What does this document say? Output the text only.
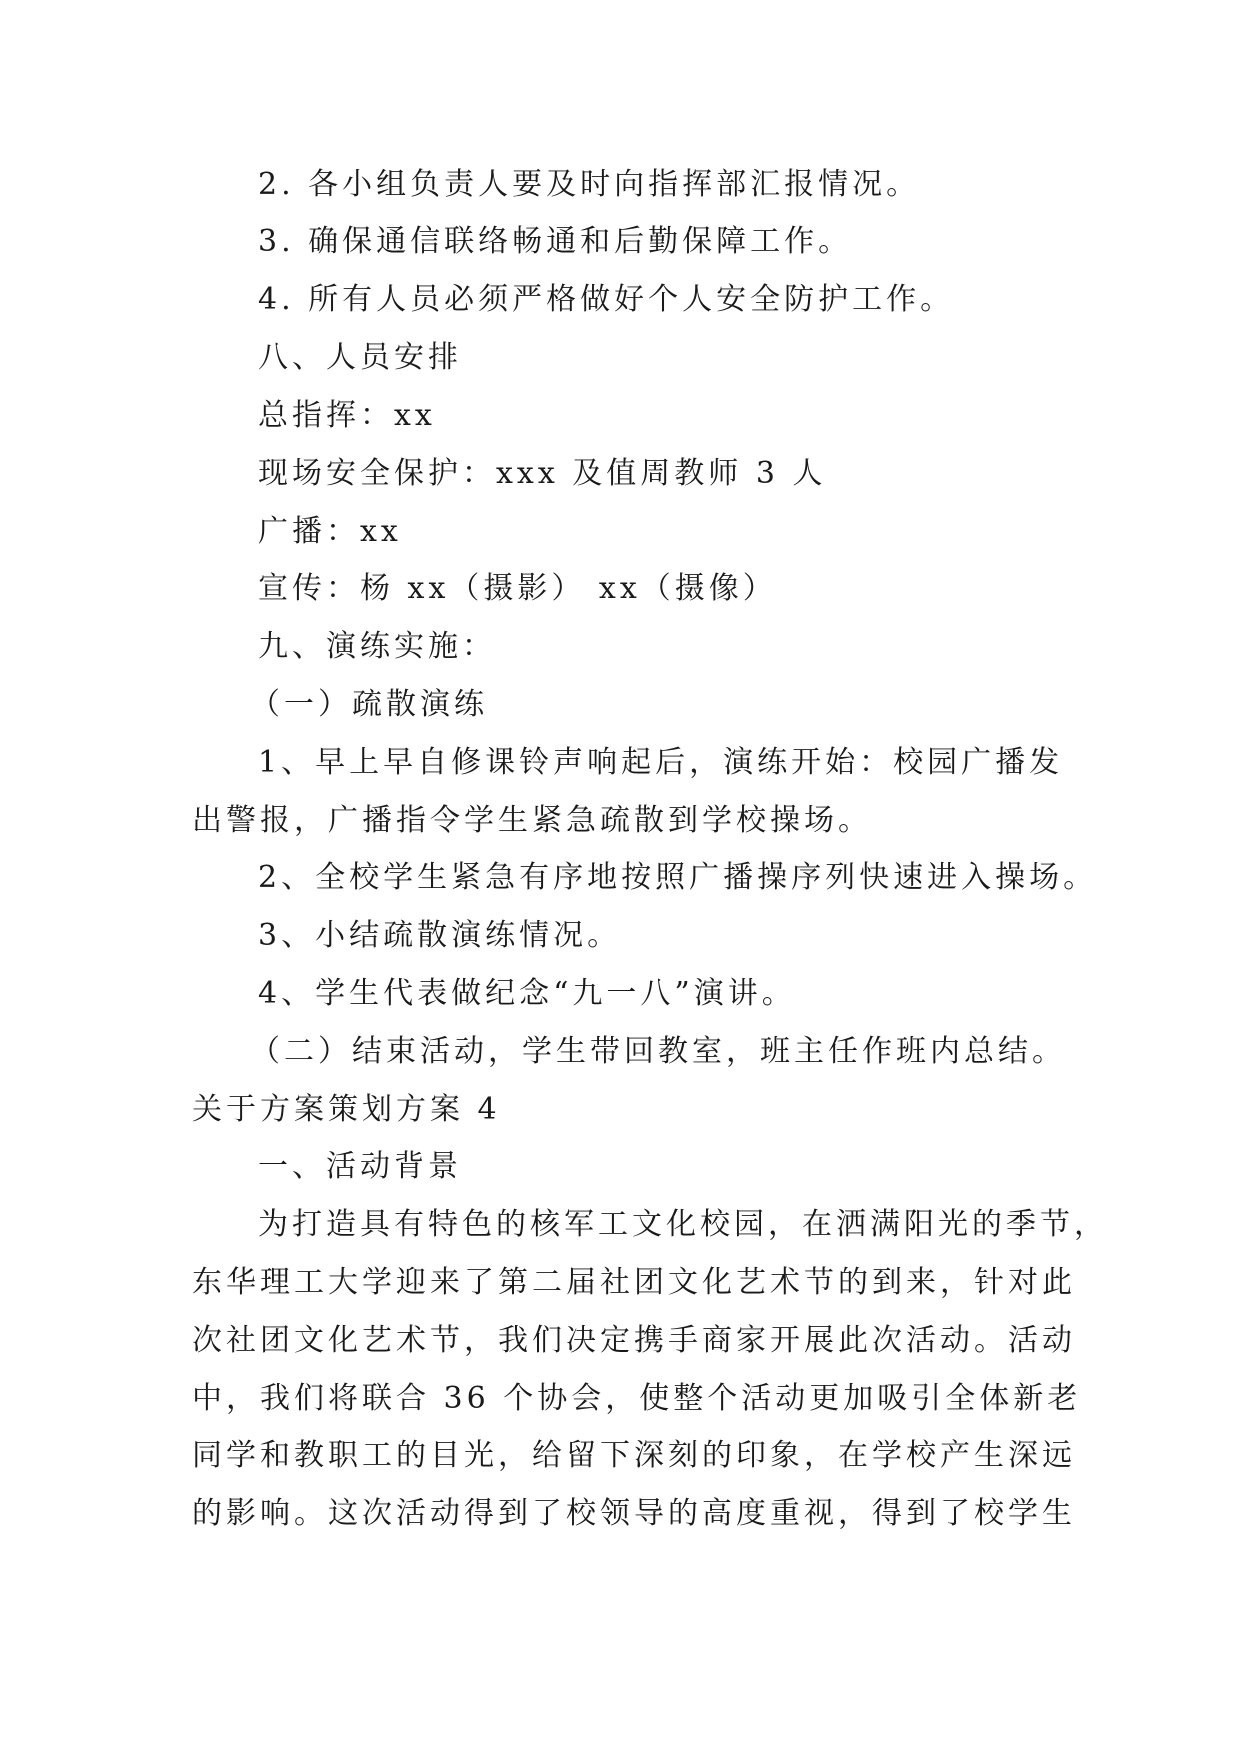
2. 各小组负责人要及时向指挥部汇报情况。

3. 确保通信联络畅通和后勤保障工作。

4. 所有人员必须严格做好个人安全防护工作。

八、人员安排

总指挥：xx

现场安全保护：xxx 及值周教师 3 人

广播：xx

宣传：杨 xx（摄影） xx（摄像）

九、演练实施：

（一）疏散演练

1、早上早自修课铃声响起后，演练开始：校园广播发

出警报，广播指令学生紧急疏散到学校操场。

2、全校学生紧急有序地按照广播操序列快速进入操场。

3、小结疏散演练情况。

4、学生代表做纪念“九一八”演讲。

（二）结束活动，学生带回教室，班主任作班内总结。

关于方案策划方案 4

一、活动背景

为打造具有特色的核军工文化校园，在洒满阳光的季节，

东华理工大学迎来了第二届社团文化艺术节的到来，针对此

次社团文化艺术节，我们决定携手商家开展此次活动。活动

中，我们将联合 36 个协会，使整个活动更加吸引全体新老

同学和教职工的目光，给留下深刻的印象，在学校产生深远

的影响。这次活动得到了校领导的高度重视，得到了校学生
